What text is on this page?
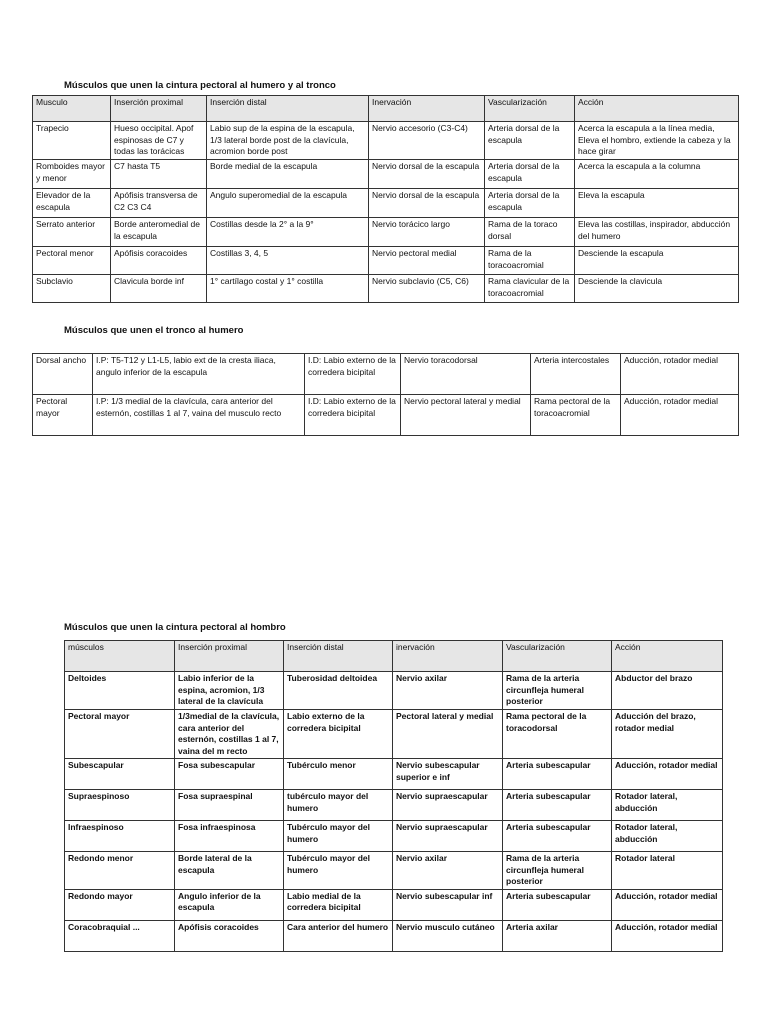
Músculos que unen la cintura pectoral al humero y al tronco
Musculo	Inserción proximal	Inserción distal	Inervación	Vascularización	Acción
Trapecio	Hueso occipital. Apof espinosas de C7 y todas las torácicas	Labio sup de la espina de la escapula, 1/3 lateral borde post de la clavícula, acromion borde post	Nervio accesorio (C3-C4)	Arteria dorsal de la escapula	Acerca la escapula a la línea media, Eleva el hombro, extiende la cabeza y la hace girar
Romboides mayor y menor	C7 hasta T5	Borde medial de la escapula	Nervio dorsal de la escapula	Arteria dorsal de la escapula	Acerca la escapula a la columna
Elevador de la escapula	Apófisis transversa de C2 C3 C4	Angulo superomedial de la escapula	Nervio dorsal de la escapula	Arteria dorsal de la escapula	Eleva la escapula
Serrato anterior	Borde anteromedial de la escapula	Costillas desde la 2° a la 9°	Nervio torácico largo	Rama de la toraco dorsal	Eleva las costillas, inspirador, abducción del humero
Pectoral menor	Apófisis coracoides	Costillas 3, 4, 5	Nervio pectoral medial	Rama de la toracoacromial	Desciende la escapula
Subclavio	Clavicula borde inf	1° cartílago costal y 1° costilla	Nervio subclavio (C5, C6)	Rama clavicular de la toracoacromial	Desciende la clavicula
Músculos que unen el tronco al humero
Dorsal ancho	I.P: T5-T12 y L1-L5, labio ext de la cresta iliaca, angulo inferior de la escapula	I.D: Labio externo de la corredera bicipital	Nervio toracodorsal	Arteria intercostales	Aducción, rotador medial
Pectoral mayor	I.P: 1/3 medial de la clavícula, cara anterior del esternón, costillas 1 al 7, vaina del musculo recto	I.D: Labio externo de la corredera bicipital	Nervio pectoral lateral y medial	Rama pectoral de la toracoacromial	Aducción, rotador medial
Músculos que unen la cintura pectoral al hombro
músculos	Inserción proximal	Inserción distal	inervación	Vascularización	Acción
Deltoides	Labio inferior de la espina, acromion, 1/3 lateral de la clavícula	Tuberosidad deltoidea	Nervio axilar	Rama de la arteria circunfleja humeral posterior	Abductor del brazo
Pectoral mayor	1/3medial de la clavícula, cara anterior del esternón, costillas 1 al 7, vaina del m recto	Labio externo de la corredera bicipital	Pectoral lateral y medial	Rama pectoral de la toracodorsal	Aducción del brazo, rotador medial
Subescapular	Fosa subescapular	Tubérculo menor	Nervio subescapular superior e inf	Arteria subescapular	Aducción, rotador medial
Supraespinoso	Fosa supraespinal	tubérculo mayor del humero	Nervio supraescapular	Arteria subescapular	Rotador lateral, abducción
Infraespinoso	Fosa infraespinosa	Tubérculo mayor del humero	Nervio supraescapular	Arteria subescapular	Rotador lateral, abducción
Redondo menor	Borde lateral de la escapula	Tubérculo mayor del humero	Nervio axilar	Rama de la arteria circunfleja humeral posterior	Rotador lateral
Redondo mayor	Angulo inferior de la escapula	Labio medial de la corredera bicipital	Nervio subescapular inf	Arteria subescapular	Aducción, rotador medial
Coracobraquial ...	Apófisis coracoides	Cara anterior del humero	Nervio musculo cutáneo	Arteria axilar	Aducción, rotador medial
